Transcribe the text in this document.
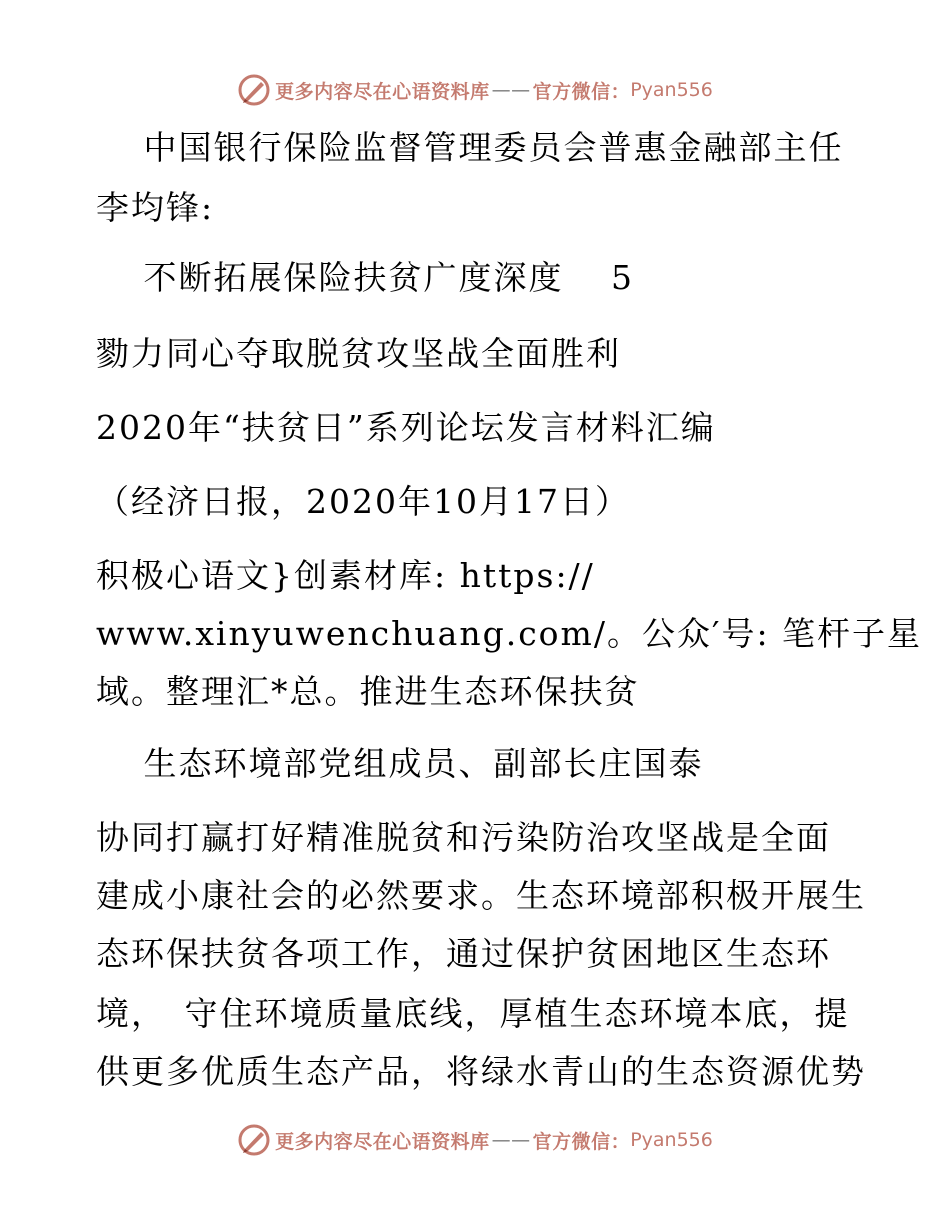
更多内容尽在心语资料库 —— 官方微信： Pyan556
　 中国银行保险监督管理委员会普惠金融部主任
李均锋:
　 不断拓展保险扶贫广度深度 　5
勠力同心夺取脱贫攻坚战全面胜利
2020年“扶贫日”系列论坛发言材料汇编
（经济日报，2020年10月17日）
积极心语文}创素材库: https://
www.xinyuwenchuang.com/。公众′号: 笔杆子星
域。整理汇*总。推进生态环保扶贫
　 生态环境部党组成员、副部长庄国泰
协同打赢打好精准脱贫和污染防治攻坚战是全面
建成小康社会的必然要求。生态环境部积极开展生
态环保扶贫各项工作，通过保护贫困地区生态环
境，　守住环境质量底线，厚植生态环境本底，提
供更多优质生态产品，将绿水青山的生态资源优势
更多内容尽在心语资料库 —— 官方微信： Pyan556
